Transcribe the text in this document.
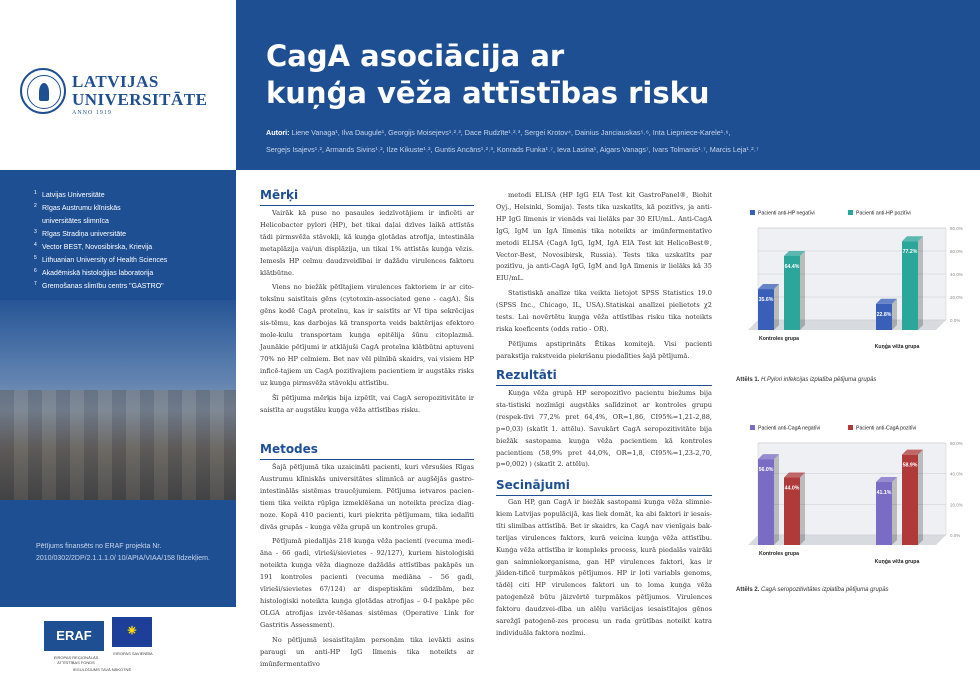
LATVIJAS
UNIVERSITĀTE
ANNO 1919
1 Latvijas Universitāte
2 Rīgas Austrumu klīniskās
universitātes slimnīca
3 Rīgas Stradiņa universitāte
4 Vector BEST, Novosibirska, Krievija
5 Lithuanian University of Health Sciences
6 Akadēmiskā histoloģijas laboratorija
7 Gremošanas slimību centrs "GASTRO"
Pētījums finansēts no ERAF projekta Nr. 2010/0302/2DP/2.1.1.1.0/ 10/APIA/VIAA/158 līdzekļiem.
ERAF
EIROPAS REĢIONĀLĀS ATTĪSTĪBAS FONDS
⁕
EIROPAS SAVIENĪBA
IEGULDĪJUMS TAVĀ NĀKOTNĒ
CagA asociācija ar
kuņģa vēža attīstības risku
Autori: Liene Vanaga¹, Ilva Daugule¹, Georgijs Moisejevs¹˒²˒³, Dace Rudzīte¹˒²˒³, Sergei Krotov⁴, Dainius Janciauskas⁵˒⁶, Inta Liepniece-Karele¹˒⁶,
Sergejs Isajevs¹˒², Armands Sivins¹˒², Ilze Kikuste¹˒², Guntis Ancāns¹˒²˒³, Konrads Funka¹˒⁷, Ieva Lasina¹, Aigars Vanags⁷, Ivars Tolmanis¹˒⁷, Marcis Leja¹˒²˒⁷
Mērķi

Vairāk kā puse no pasaules iedzīvotājiem ir inficēti ar Helicobacter pylori (HP), bet tikai daļai dzīves laikā attīstās tādi pirmsvēža stāvokļi, kā kuņģa gļotādas atrofija, intestināla metaplāzija vai/un displāzija, un tikai 1% attīstās kuņģa vēzis. Iemesls HP celmu daudzveidībai ir dažādu virulences faktoru klātbūtne.

Viens no biežāk pētītajiem virulences faktoriem ir ar cito-toksīnu saistītais gēns (cytotoxin-associated gene - cagA). Šis gēns kodē CagA proteīnu, kas ir saistīts ar VI tipa sekrēcijas sis-tēmu, kas darbojas kā transporta veids baktērijas efektoro mole-kulu transportam kuņģa epitēlija šūnu citoplazmā. Jaunākie pētījumi ir atklājuši CagA proteīna klātbūtni aptuveni 70% no HP celmiem. Bet nav vēl pilnībā skaidrs, vai visiem HP inficē-tajiem un CagA pozitīvajiem pacientiem ir augstāks risks uz kuņģa pirmsvēža stāvokļu attīstību.

Šī pētījuma mērķis bija izpētīt, vai CagA seropozitivitāte ir saistīta ar augstāku kuņģa vēža attīstības risku.

Metodes

Šajā pētījumā tika uzaicināti pacienti, kuri vērsušies Rīgas Austrumu klīniskās universitātes slimnīcā ar augšējās gastro-intestinālās sistēmas traucējumiem. Pētījuma ietvaros pacien-tiem tika veikta rūpīga izmeklēšana un noteikta precīza diag-noze. Kopā 410 pacienti, kuri piekrita pētījumam, tika iedalīti divās grupās – kuņģa vēža grupā un kontroles grupā.

Pētījumā piedalījās 218 kuņģa vēža pacienti (vecuma medi-āna - 66 gadi, vīrieši/sievietes - 92/127), kuriem histoloģiski noteikta kuņģa vēža diagnoze dažādās attīstības pakāpēs un 191 kontroles pacienti (vecuma mediāna – 56 gadi, vīrieši/sievietes 67/124) ar dispeptiskām sūdzībām, bez histoloģiski noteikta kuņģa gļotādas atrofijas – 0-I pakāpe pēc OLGA atrofijas izvēr-tēšanas sistēmas (Operative Link for Gastritis Assessment).

No pētījumā iesaistītajām personām tika ievākti asins paraugi un anti-HP IgG līmenis tika noteikts ar imūnfermentatīvo

metodi ELISA (HP IgG EIA Test kit GastroPanel®, Biohit Oyj., Helsinki, Somija). Tests tika uzskatīts, kā pozitīvs, ja anti-HP IgG līmenis ir vienāds vai lielāks par 30 EIU/mL. Anti-CagA IgG, IgM un IgA līmenis tika noteikts ar imūnfermentatīvo metodi ELISA (CagA IgG, IgM, IgA EIA Test kit HelicoBest®, Vector-Best, Novosibirsk, Russia). Tests tika uzskatīts par pozitīvu, ja anti-CagA IgG, IgM and IgA līmenis ir lielāks kā 35 EIU/mL.

Statistiskā analīze tika veikta lietojot SPSS Statistics 19.0 (SPSS Inc., Chicago, IL, USA).Statiskai analīzei pielietots χ2 tests. Lai novērtētu kuņģa vēža attīstības risku tika noteikts riska koeficents (odds ratio - OR).

Pētījums apstiprināts Ētikas komitejā. Visi pacienti parakstīja rakstveida piekrišanu piedalīties šajā pētījumā.

Rezultāti

Kuņģa vēža grupā HP seropozitīvo pacientu biežums bija sta-tistiski nozīmīgi augstāks salīdzinot ar kontroles grupu (respek-tīvi 77,2% pret 64,4%, OR=1,86, CI95%=1,21-2,88, p=0,03) (skatīt 1. attēlu). Savukārt CagA seropozitivitāte bija biežāk sastopama kuņģa vēža pacientiem kā kontroles pacientiem (58,9% pret 44,0%, OR=1,8, CI95%=1,23-2,70, p=0,002) ) (skatīt 2. attēlu).

Secinājumi

Gan HP, gan CagA ir biežāk sastopami kuņģa vēža slimnie-kiem Latvijas populācijā, kas liek domāt, ka abi faktori ir iesais-tīti slimības attīstībā. Bet ir skaidrs, ka CagA nav vienīgais bak-terijas virulences faktors, kurā veicina kuņģa vēža attīstību. Kuņģa vēža attīstība ir kompleks process, kurā piedalās vairāki gan saimniekorganisma, gan HP virulences faktori, kas ir jāiden-tificē turpmākos pētījumos. HP ir ļoti variabls genoms, tādēļ citi HP virulences faktori un to loma kuņģa vēža patoģenēzē būtu jāizvērtē turpmākos pētījumos. Virulences faktoru daudzvei-dība un alēļu variācijas iesaistītajos gēnos sarežģī patoģenē-zes procesu un rada grūtības noteikt katra individuāla faktora nozīmi.

0.0%
20.0%
40.0%
60.0%
80.0%
Pacienti anti-HP negatīvi	Pacienti anti-HP pozitīvi
35.6%
64.4%
Kontroles grupa
22.8%
77.2%
Kuņģa vēža grupa
Attēls 1. H.Pylori infekcijas izplatība pētījuma grupās
0.0%
20.0%
40.0%
60.0%
Pacienti anti-CagA negatīvi	Pacienti anti-CagA pozitīvi
56.0%
44.0%
Kontroles grupa
41.1%
58.9%
Kuņģa vēža grupa
Attēls 2. CagA seropozitivitātes izplatība pētījuma grupās
